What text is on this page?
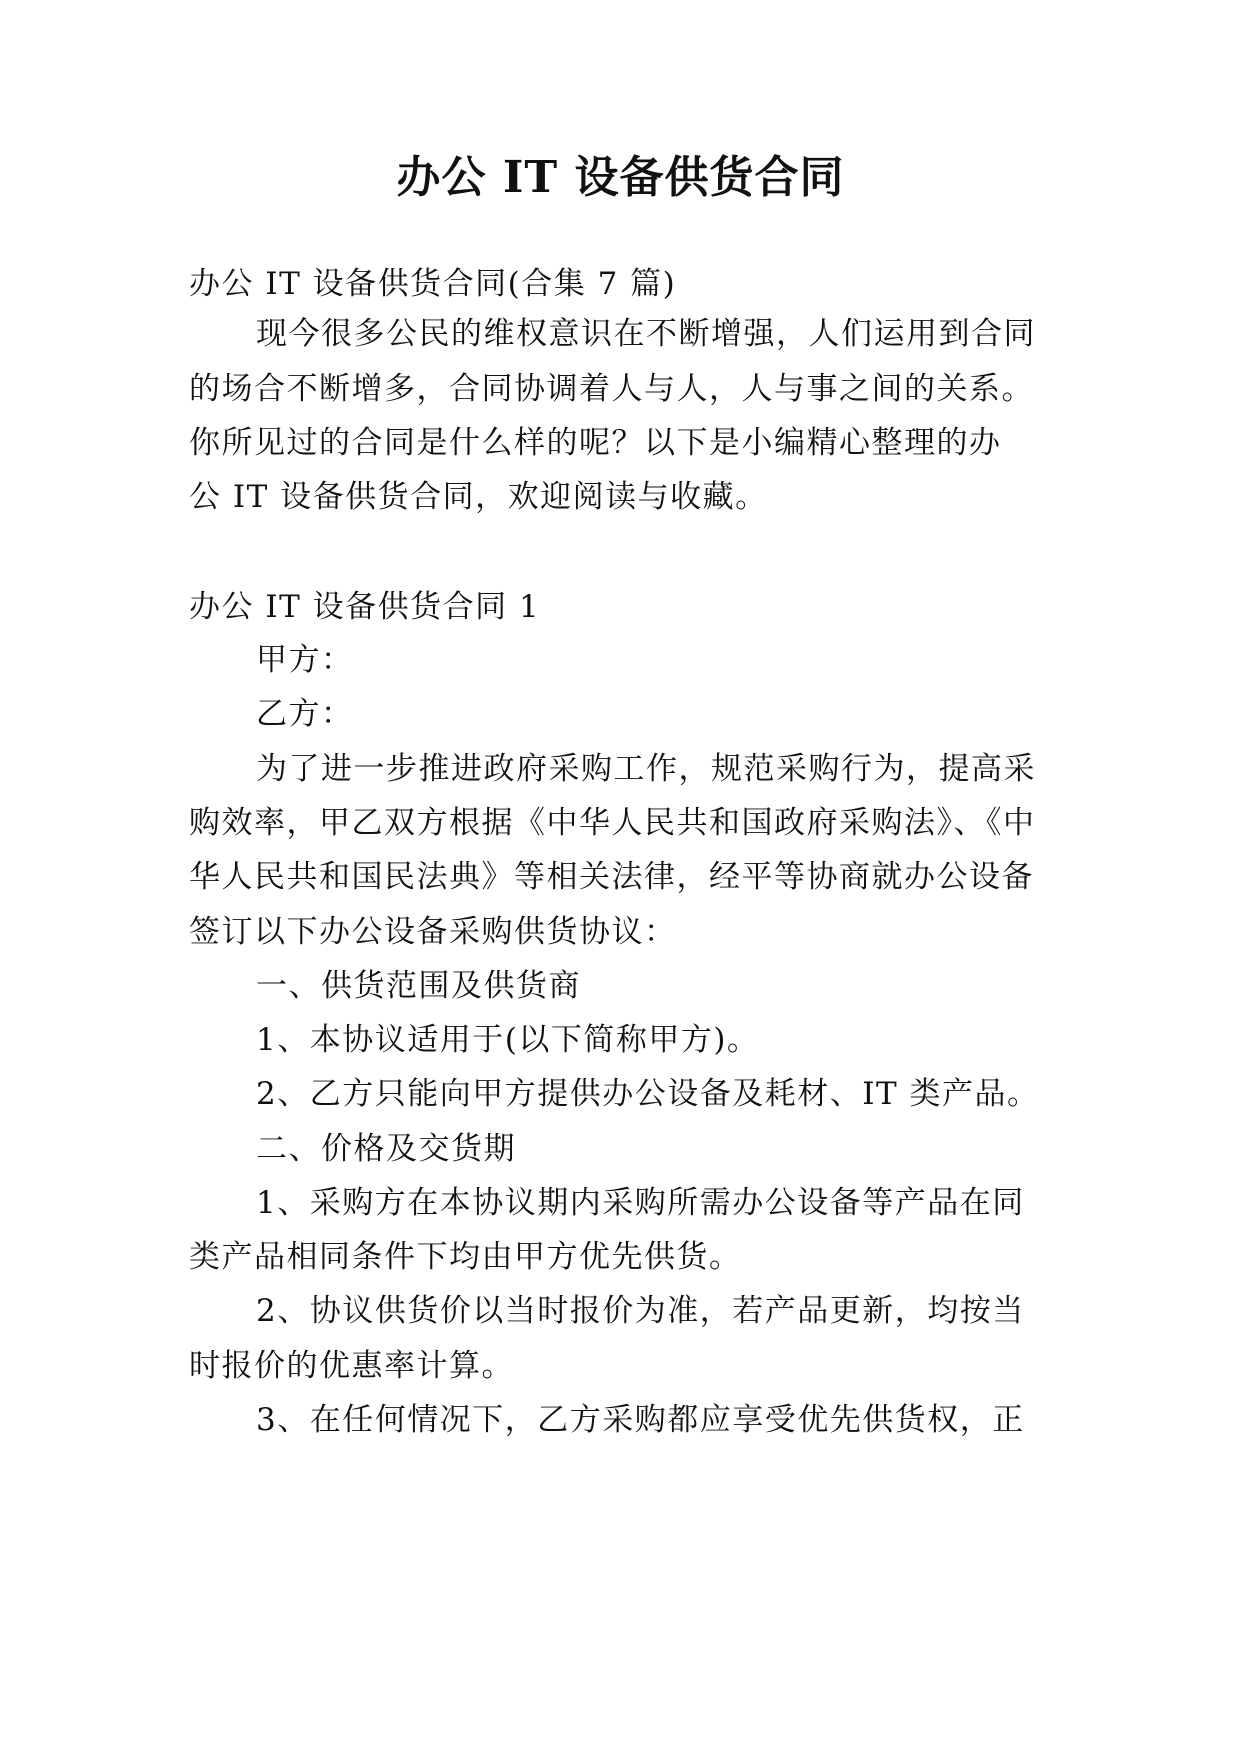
办公 IT 设备供货合同
办公 IT 设备供货合同(合集 7 篇)
现今很多公民的维权意识在不断增强，人们运用到合同
的场合不断增多，合同协调着人与人，人与事之间的关系。
你所见过的合同是什么样的呢？以下是小编精心整理的办
公 IT 设备供货合同，欢迎阅读与收藏。
办公 IT 设备供货合同 1
甲方：
乙方：
为了进一步推进政府采购工作，规范采购行为，提高采
购效率，甲乙双方根据《中华人民共和国政府采购法》、《中
华人民共和国民法典》等相关法律，经平等协商就办公设备
签订以下办公设备采购供货协议：
一、供货范围及供货商
1、本协议适用于(以下简称甲方)。
2、乙方只能向甲方提供办公设备及耗材、IT 类产品。
二、价格及交货期
1、采购方在本协议期内采购所需办公设备等产品在同
类产品相同条件下均由甲方优先供货。
2、协议供货价以当时报价为准，若产品更新，均按当
时报价的优惠率计算。
3、在任何情况下，乙方采购都应享受优先供货权，正
